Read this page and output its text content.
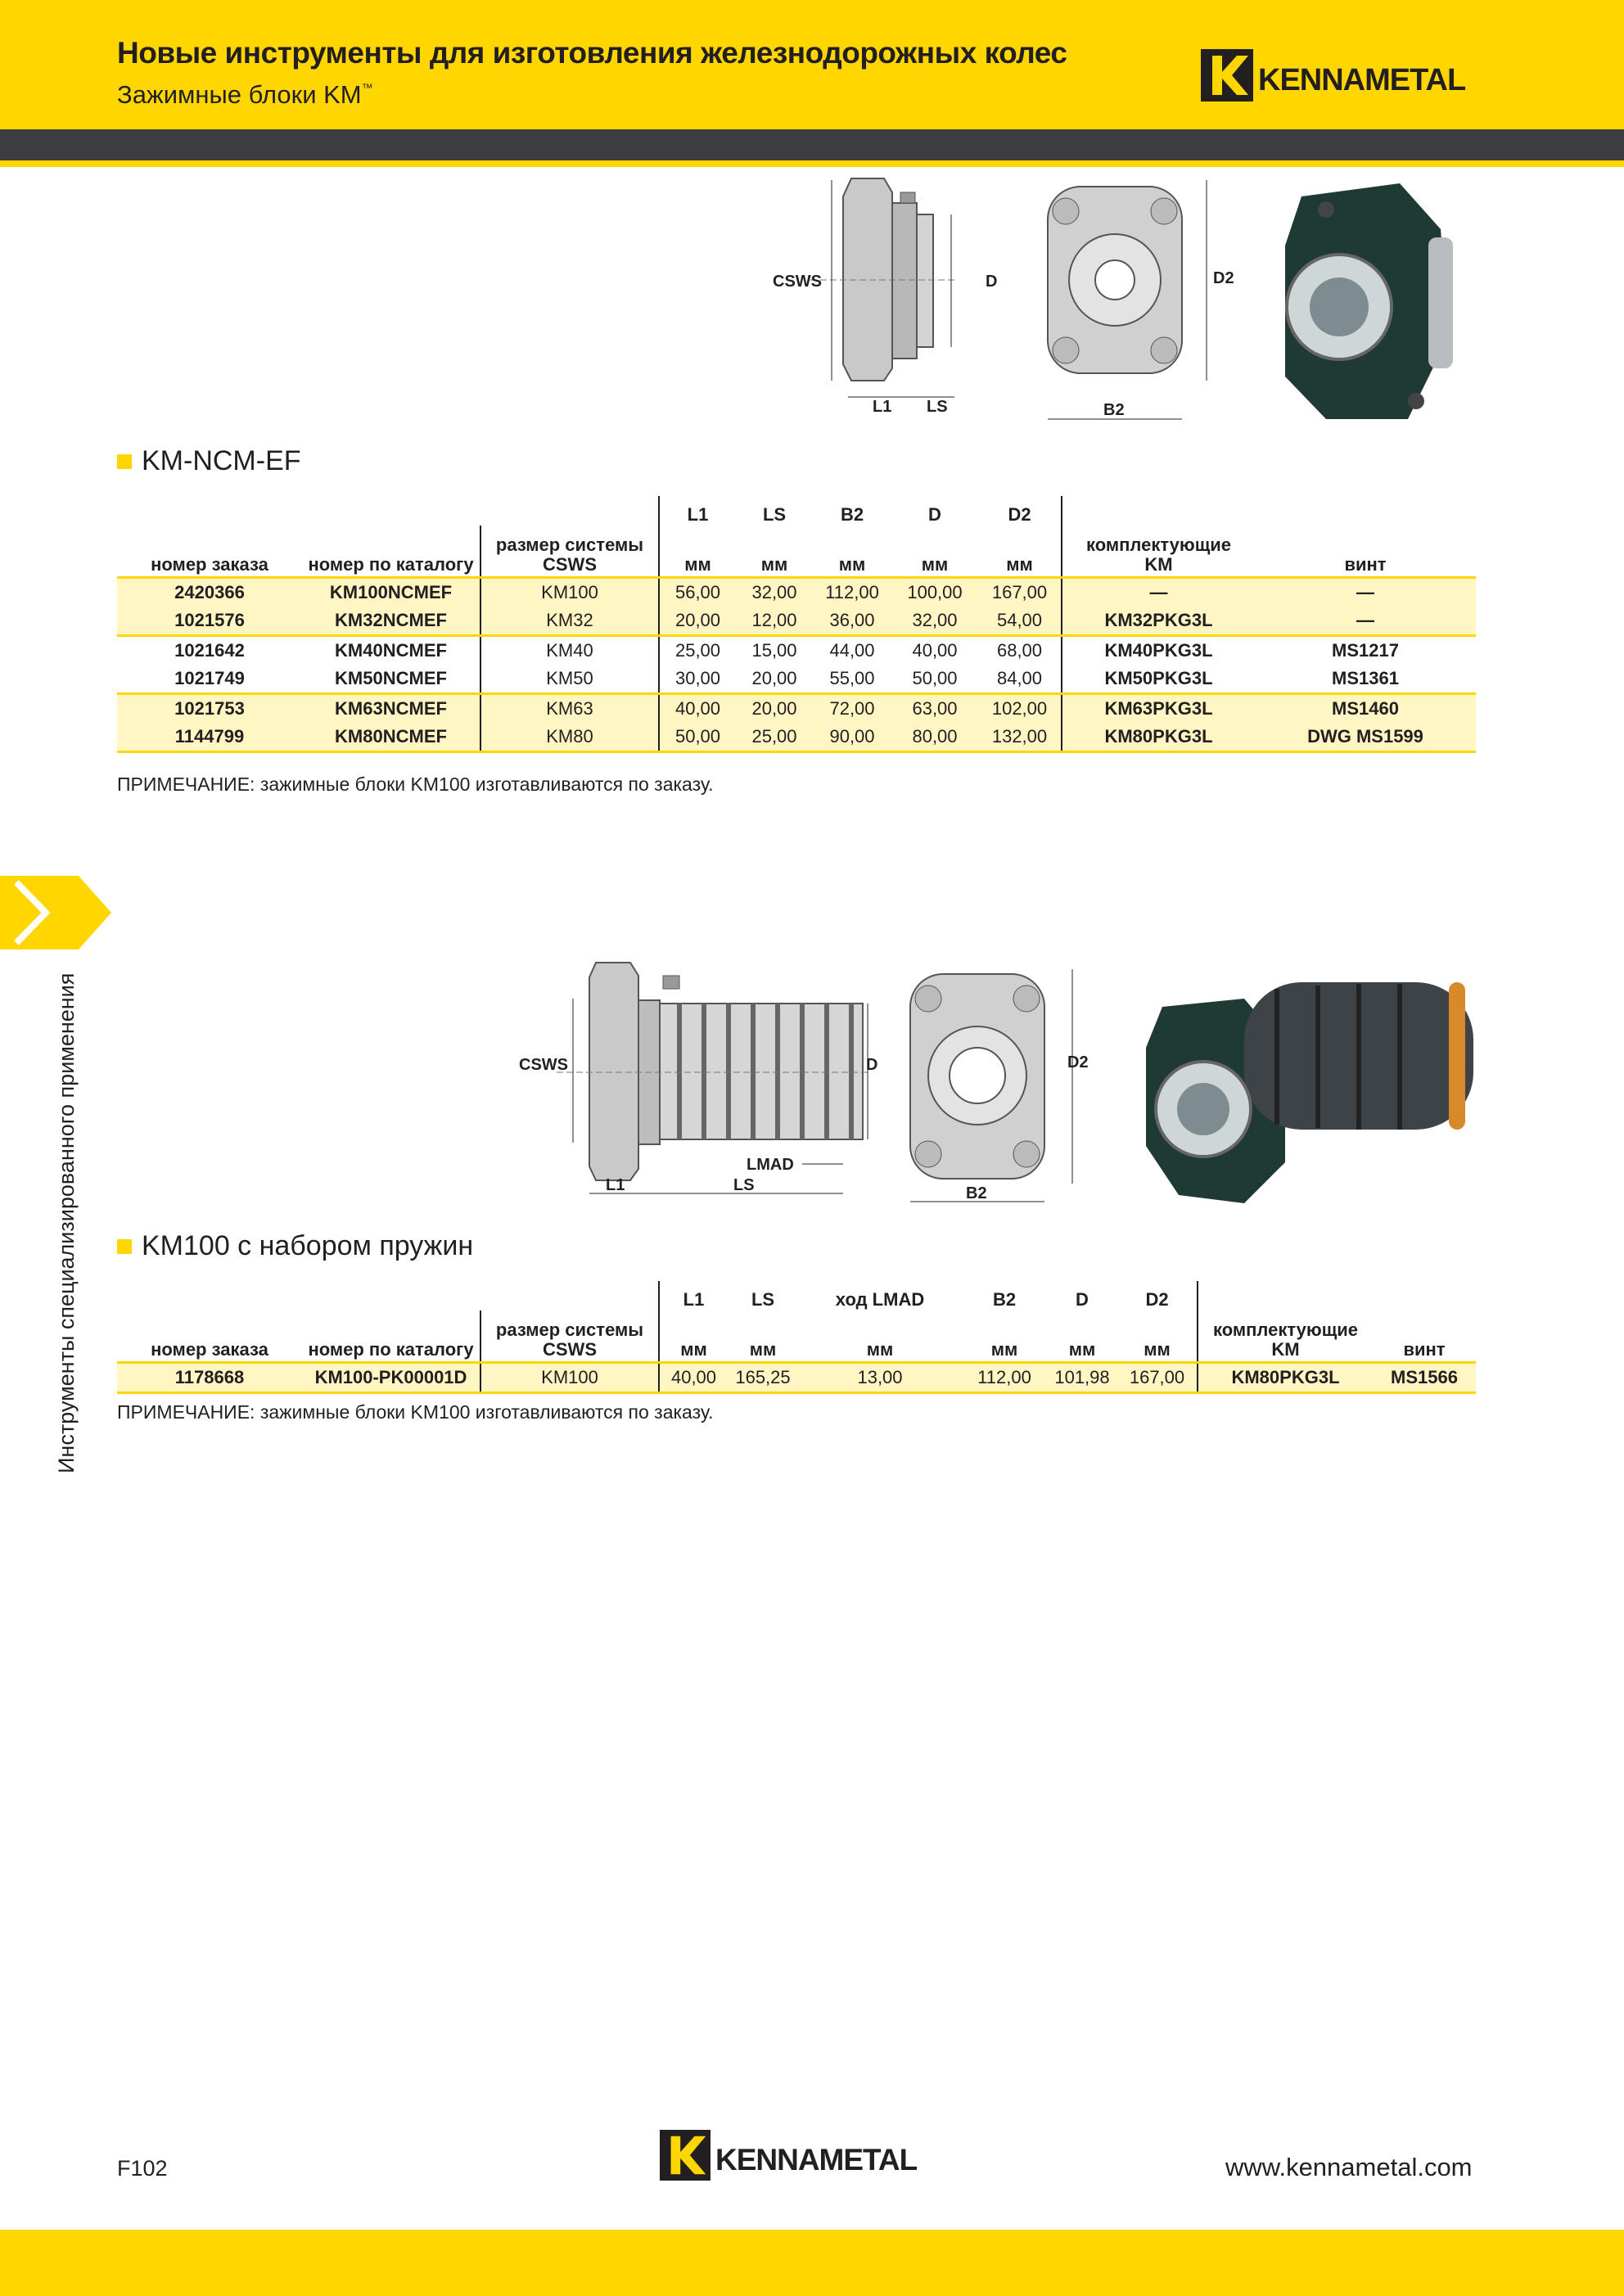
Новые инструменты для изготовления железнодорожных колес
Зажимные блоки KM™	KENNAMETAL
Инструменты специализированного применения
CSWS	D
L1 LS
D2
B2
KM-NCM-EF
			L1	LS	B2	D	D2		
номер заказа	номер по каталогу	размер системы
CSWS	мм	мм	мм	мм	мм	комплектующие
KM	винт
2420366	KM100NCMEF	KM100	56,00	32,00	112,00	100,00	167,00	—	—
1021576	KM32NCMEF	KM32	20,00	12,00	36,00	32,00	54,00	KM32PKG3L	—
1021642	KM40NCMEF	KM40	25,00	15,00	44,00	40,00	68,00	KM40PKG3L	MS1217
1021749	KM50NCMEF	KM50	30,00	20,00	55,00	50,00	84,00	KM50PKG3L	MS1361
1021753	KM63NCMEF	KM63	40,00	20,00	72,00	63,00	102,00	KM63PKG3L	MS1460
1144799	KM80NCMEF	KM80	50,00	25,00	90,00	80,00	132,00	KM80PKG3L	DWG MS1599
ПРИМЕЧАНИЕ: зажимные блоки KM100 изготавливаются по заказу.
CSWS	D
LMAD
L1	LS
D2
B2
KM100 с набором пружин
			L1	LS	ход LMAD	B2	D	D2		
номер заказа	номер по каталогу	размер системы
CSWS	мм	мм	мм	мм	мм	мм	комплектующие
KM	винт
1178668	KM100-PK00001D	KM100	40,00	165,25	13,00	112,00	101,98	167,00	KM80PKG3L	MS1566
ПРИМЕЧАНИЕ: зажимные блоки KM100 изготавливаются по заказу.
F102	KENNAMETAL	www.kennametal.com
